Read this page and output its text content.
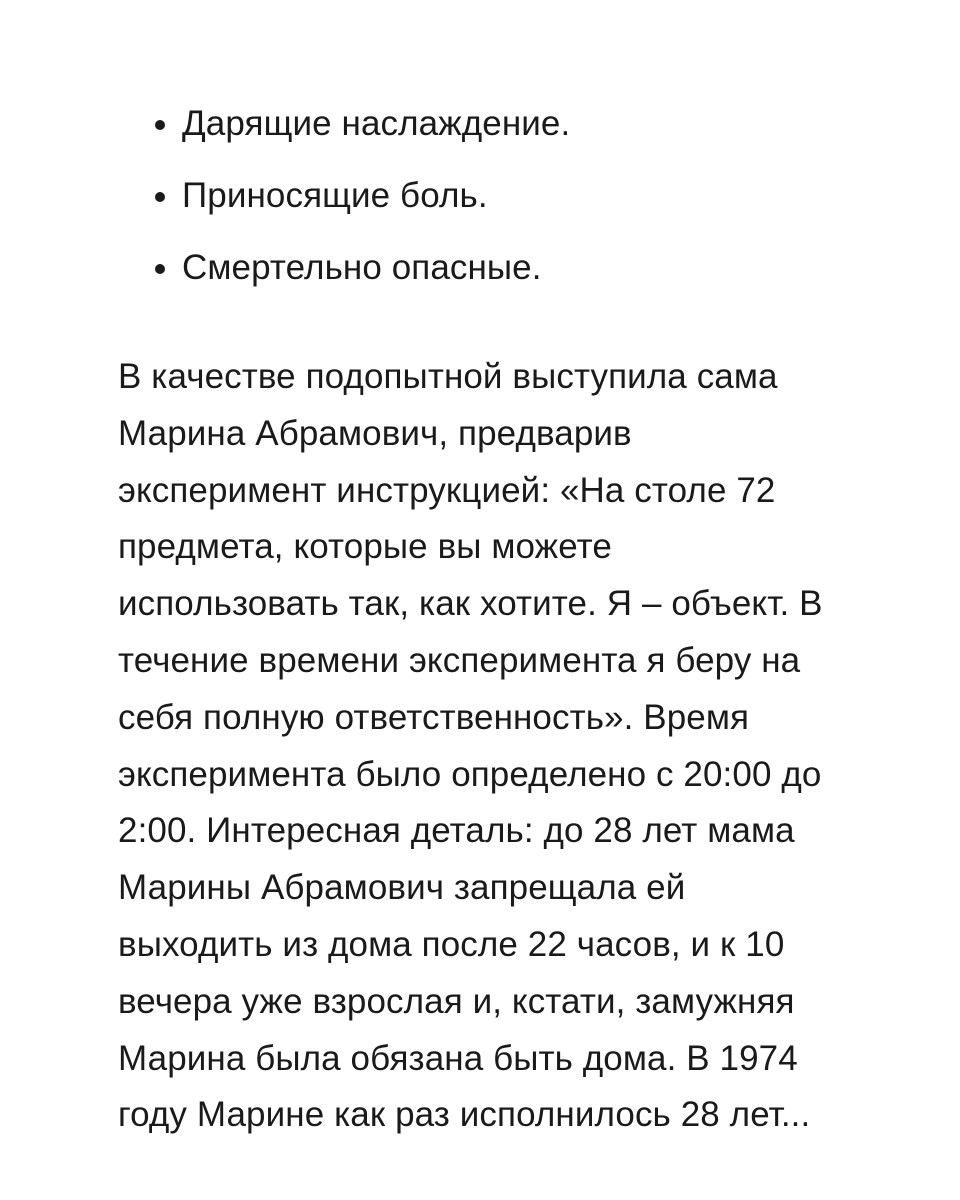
Дарящие наслаждение.
Приносящие боль.
Смертельно опасные.

В качестве подопытной выступила сама
Марина Абрамович, предварив
эксперимент инструкцией: «На столе 72
предмета, которые вы можете
использовать так, как хотите. Я – объект. В
течение времени эксперимента я беру на
себя полную ответственность». Время
эксперимента было определено с 20:00 до
2:00. Интересная деталь: до 28 лет мама
Марины Абрамович запрещала ей
выходить из дома после 22 часов, и к 10
вечера уже взрослая и, кстати, замужняя
Марина была обязана быть дома. В 1974
году Марине как раз исполнилось 28 лет...
